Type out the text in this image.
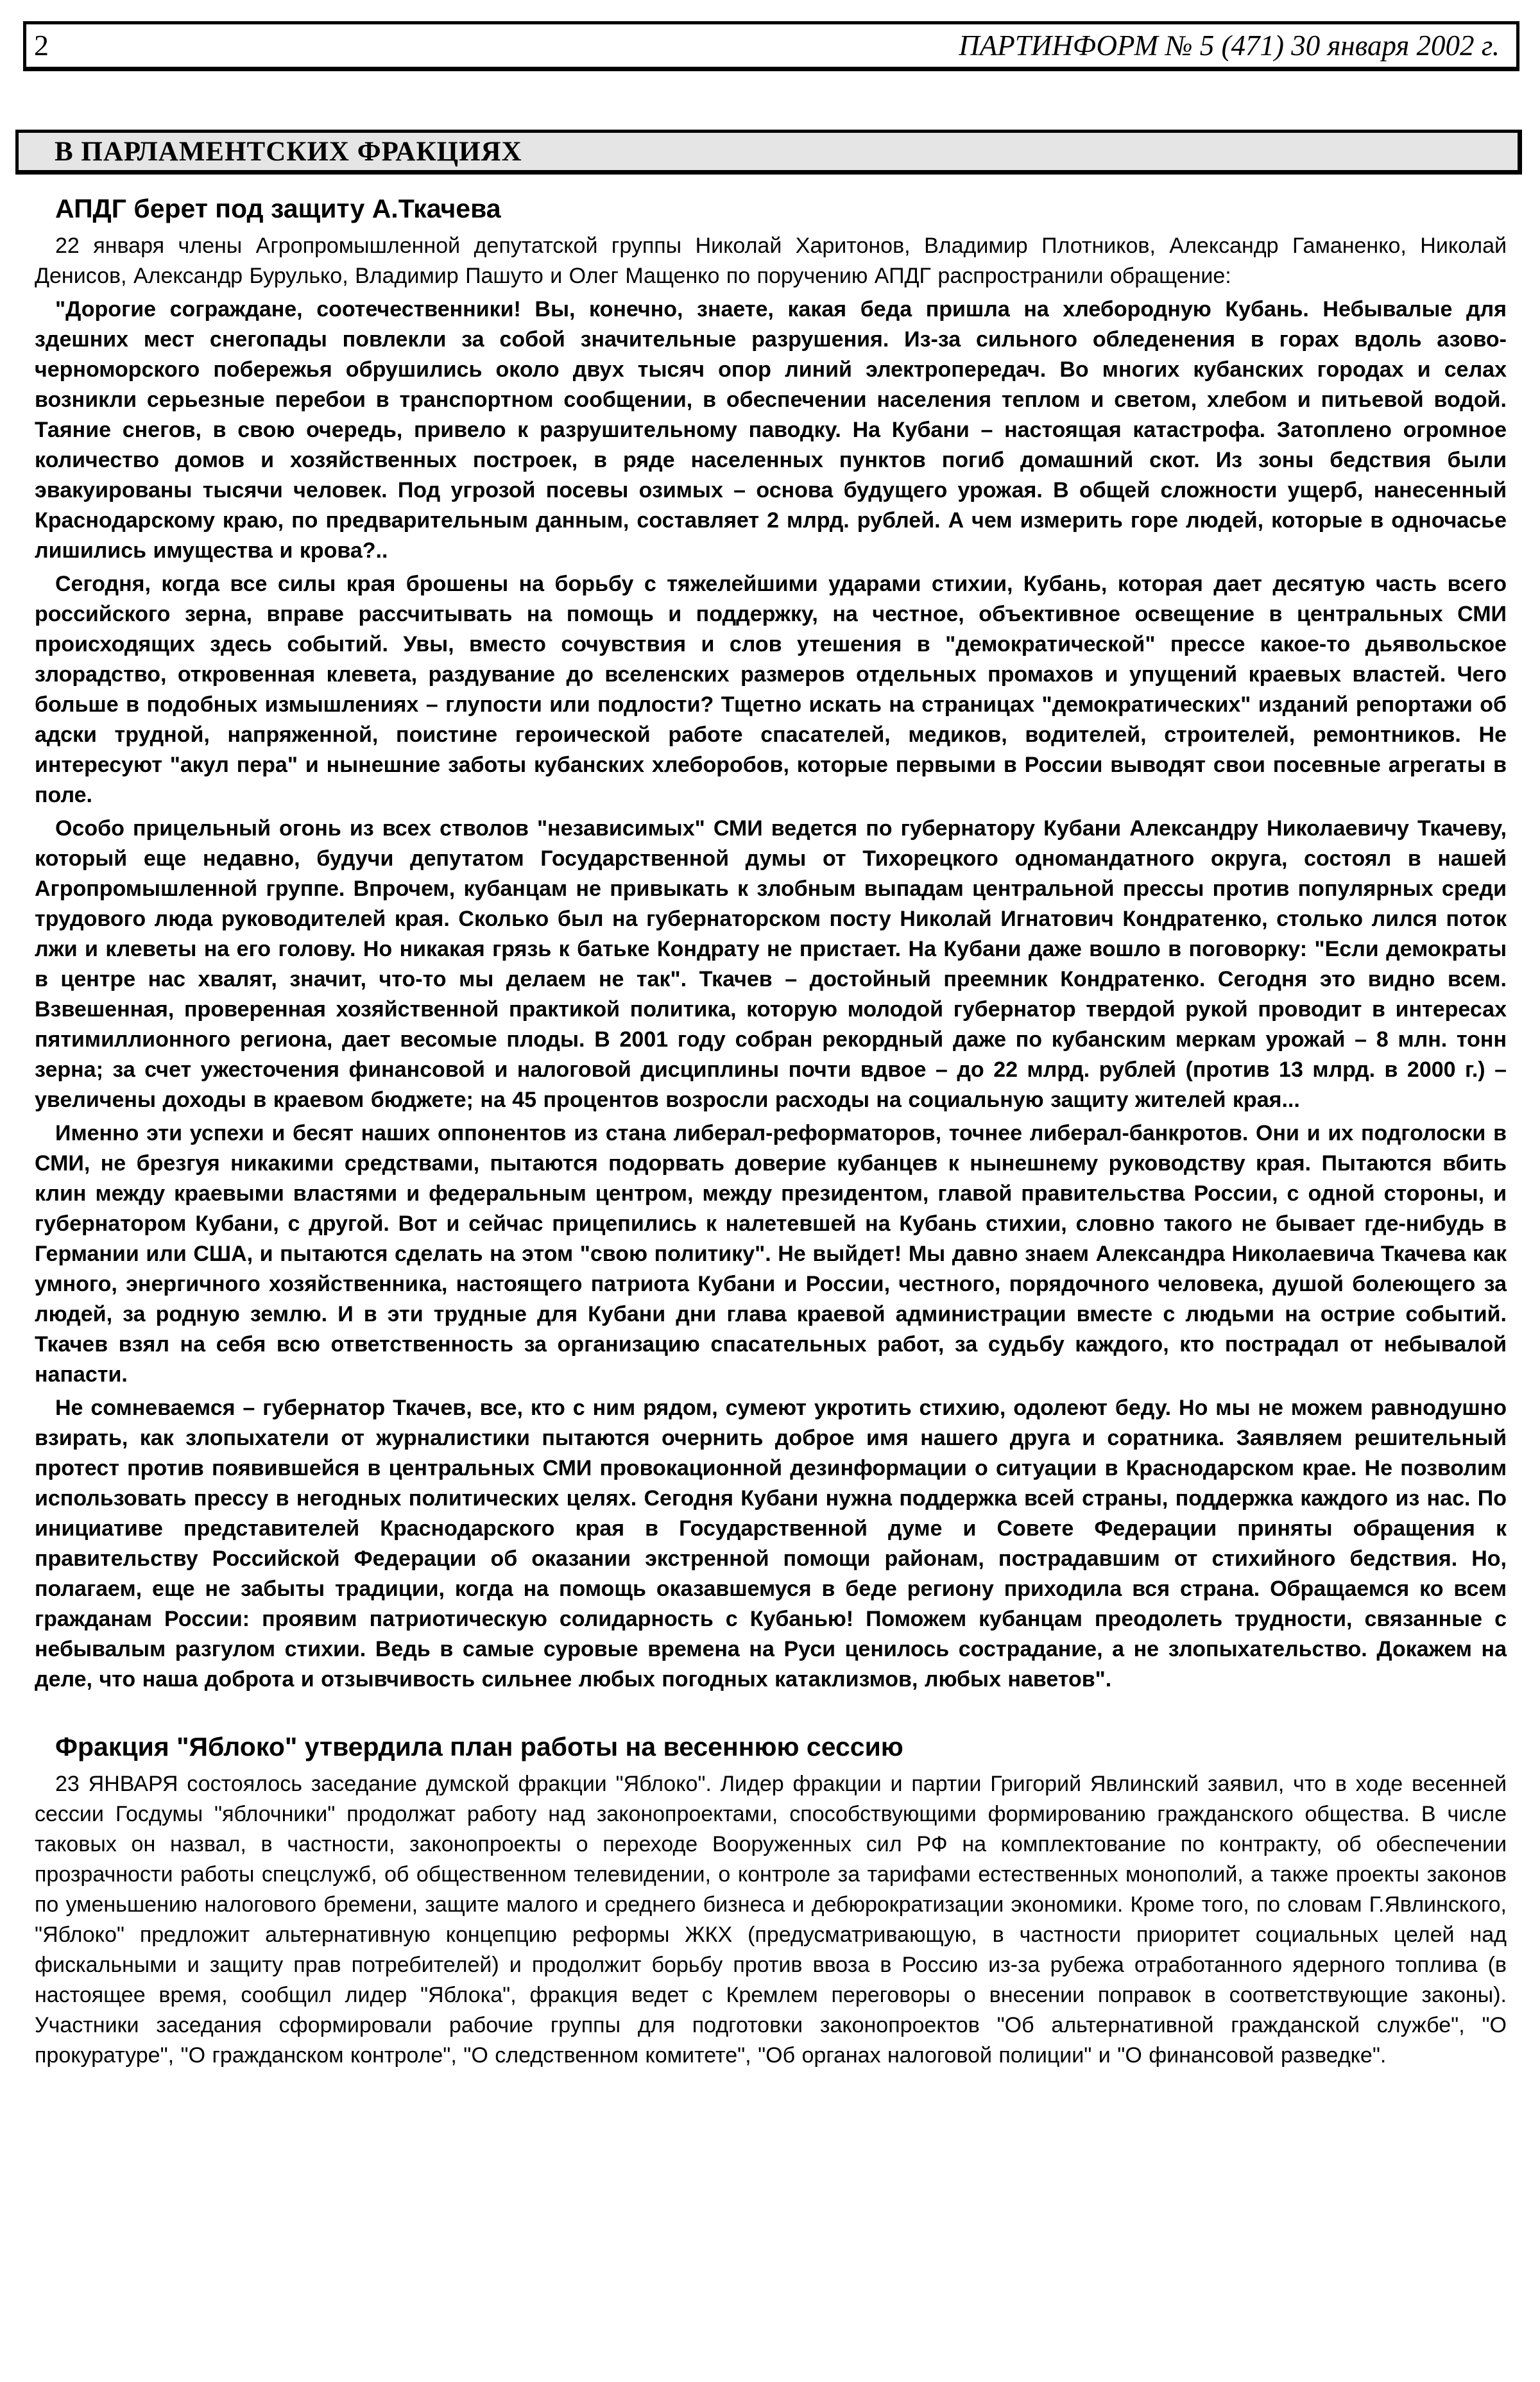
2	ПАРТИНФОРМ № 5 (471) 30 января 2002 г.
В ПАРЛАМЕНТСКИХ ФРАКЦИЯХ
АПДГ берет под защиту А.Ткачева

22 января члены Агропромышленной депутатской группы Николай Харитонов, Владимир Плотников, Александр Гаманенко, Николай Денисов, Александр Бурулько, Владимир Пашуто и Олег Мащенко по поручению АПДГ распространили обращение:

"Дорогие сограждане, соотечественники! Вы, конечно, знаете, какая беда пришла на хлебородную Кубань. Небывалые для здешних мест снегопады повлекли за собой значительные разрушения. Из-за сильного обледенения в горах вдоль азово-черноморского побережья обрушились около двух тысяч опор линий электропередач. Во многих кубанских городах и селах возникли серьезные перебои в транспортном сообщении, в обеспечении населения теплом и светом, хлебом и питьевой водой. Таяние снегов, в свою очередь, привело к разрушительному паводку. На Кубани – настоящая катастрофа. Затоплено огромное количество домов и хозяйственных построек, в ряде населенных пунктов погиб домашний скот. Из зоны бедствия были эвакуированы тысячи человек. Под угрозой посевы озимых – основа будущего урожая. В общей сложности ущерб, нанесенный Краснодарскому краю, по предварительным данным, составляет 2 млрд. рублей. А чем измерить горе людей, которые в одночасье лишились имущества и крова?..

Сегодня, когда все силы края брошены на борьбу с тяжелейшими ударами стихии, Кубань, которая дает десятую часть всего российского зерна, вправе рассчитывать на помощь и поддержку, на честное, объективное освещение в центральных СМИ происходящих здесь событий. Увы, вместо сочувствия и слов утешения в "демократической" прессе какое-то дьявольское злорадство, откровенная клевета, раздувание до вселенских размеров отдельных промахов и упущений краевых властей. Чего больше в подобных измышлениях – глупости или подлости? Тщетно искать на страницах "демократических" изданий репортажи об адски трудной, напряженной, поистине героической работе спасателей, медиков, водителей, строителей, ремонтников. Не интересуют "акул пера" и нынешние заботы кубанских хлеборобов, которые первыми в России выводят свои посевные агрегаты в поле.

Особо прицельный огонь из всех стволов "независимых" СМИ ведется по губернатору Кубани Александру Николаевичу Ткачеву, который еще недавно, будучи депутатом Государственной думы от Тихорецкого одномандатного округа, состоял в нашей Агропромышленной группе. Впрочем, кубанцам не привыкать к злобным выпадам центральной прессы против популярных среди трудового люда руководителей края. Сколько был на губернаторском посту Николай Игнатович Кондратенко, столько лился поток лжи и клеветы на его голову. Но никакая грязь к батьке Кондрату не пристает. На Кубани даже вошло в поговорку: "Если демократы в центре нас хвалят, значит, что-то мы делаем не так". Ткачев – достойный преемник Кондратенко. Сегодня это видно всем. Взвешенная, проверенная хозяйственной практикой политика, которую молодой губернатор твердой рукой проводит в интересах пятимиллионного региона, дает весомые плоды. В 2001 году собран рекордный даже по кубанским меркам урожай – 8 млн. тонн зерна; за счет ужесточения финансовой и налоговой дисциплины почти вдвое – до 22 млрд. рублей (против 13 млрд. в 2000 г.) – увеличены доходы в краевом бюджете; на 45 процентов возросли расходы на социальную защиту жителей края...

Именно эти успехи и бесят наших оппонентов из стана либерал-реформаторов, точнее либерал-банкротов. Они и их подголоски в СМИ, не брезгуя никакими средствами, пытаются подорвать доверие кубанцев к нынешнему руководству края. Пытаются вбить клин между краевыми властями и федеральным центром, между президентом, главой правительства России, с одной стороны, и губернатором Кубани, с другой. Вот и сейчас прицепились к налетевшей на Кубань стихии, словно такого не бывает где-нибудь в Германии или США, и пытаются сделать на этом "свою политику". Не выйдет! Мы давно знаем Александра Николаевича Ткачева как умного, энергичного хозяйственника, настоящего патриота Кубани и России, честного, порядочного человека, душой болеющего за людей, за родную землю. И в эти трудные для Кубани дни глава краевой администрации вместе с людьми на острие событий. Ткачев взял на себя всю ответственность за организацию спасательных работ, за судьбу каждого, кто пострадал от небывалой напасти.

Не сомневаемся – губернатор Ткачев, все, кто с ним рядом, сумеют укротить стихию, одолеют беду. Но мы не можем равнодушно взирать, как злопыхатели от журналистики пытаются очернить доброе имя нашего друга и соратника. Заявляем решительный протест против появившейся в центральных СМИ провокационной дезинформации о ситуации в Краснодарском крае. Не позволим использовать прессу в негодных политических целях. Сегодня Кубани нужна поддержка всей страны, поддержка каждого из нас. По инициативе представителей Краснодарского края в Государственной думе и Совете Федерации приняты обращения к правительству Российской Федерации об оказании экстренной помощи районам, пострадавшим от стихийного бедствия. Но, полагаем, еще не забыты традиции, когда на помощь оказавшемуся в беде региону приходила вся страна. Обращаемся ко всем гражданам России: проявим патриотическую солидарность с Кубанью! Поможем кубанцам преодолеть трудности, связанные с небывалым разгулом стихии. Ведь в самые суровые времена на Руси ценилось сострадание, а не злопыхательство. Докажем на деле, что наша доброта и отзывчивость сильнее любых погодных катаклизмов, любых наветов".

Фракция "Яблоко" утвердила план работы на весеннюю сессию

23 ЯНВАРЯ состоялось заседание думской фракции "Яблоко". Лидер фракции и партии Григорий Явлинский заявил, что в ходе весенней сессии Госдумы "яблочники" продолжат работу над законопроектами, способствующими формированию гражданского общества. В числе таковых он назвал, в частности, законопроекты о переходе Вооруженных сил РФ на комплектование по контракту, об обеспечении прозрачности работы спецслужб, об общественном телевидении, о контроле за тарифами естественных монополий, а также проекты законов по уменьшению налогового бремени, защите малого и среднего бизнеса и дебюрократизации экономики. Кроме того, по словам Г.Явлинского, "Яблоко" предложит альтернативную концепцию реформы ЖКХ (предусматривающую, в частности приоритет социальных целей над фискальными и защиту прав потребителей) и продолжит борьбу против ввоза в Россию из-за рубежа отработанного ядерного топлива (в настоящее время, сообщил лидер "Яблока", фракция ведет с Кремлем переговоры о внесении поправок в соответствующие законы). Участники заседания сформировали рабочие группы для подготовки законопроектов "Об альтернативной гражданской службе", "О прокуратуре", "О гражданском контроле", "О следственном комитете", "Об органах налоговой полиции" и "О финансовой разведке".
